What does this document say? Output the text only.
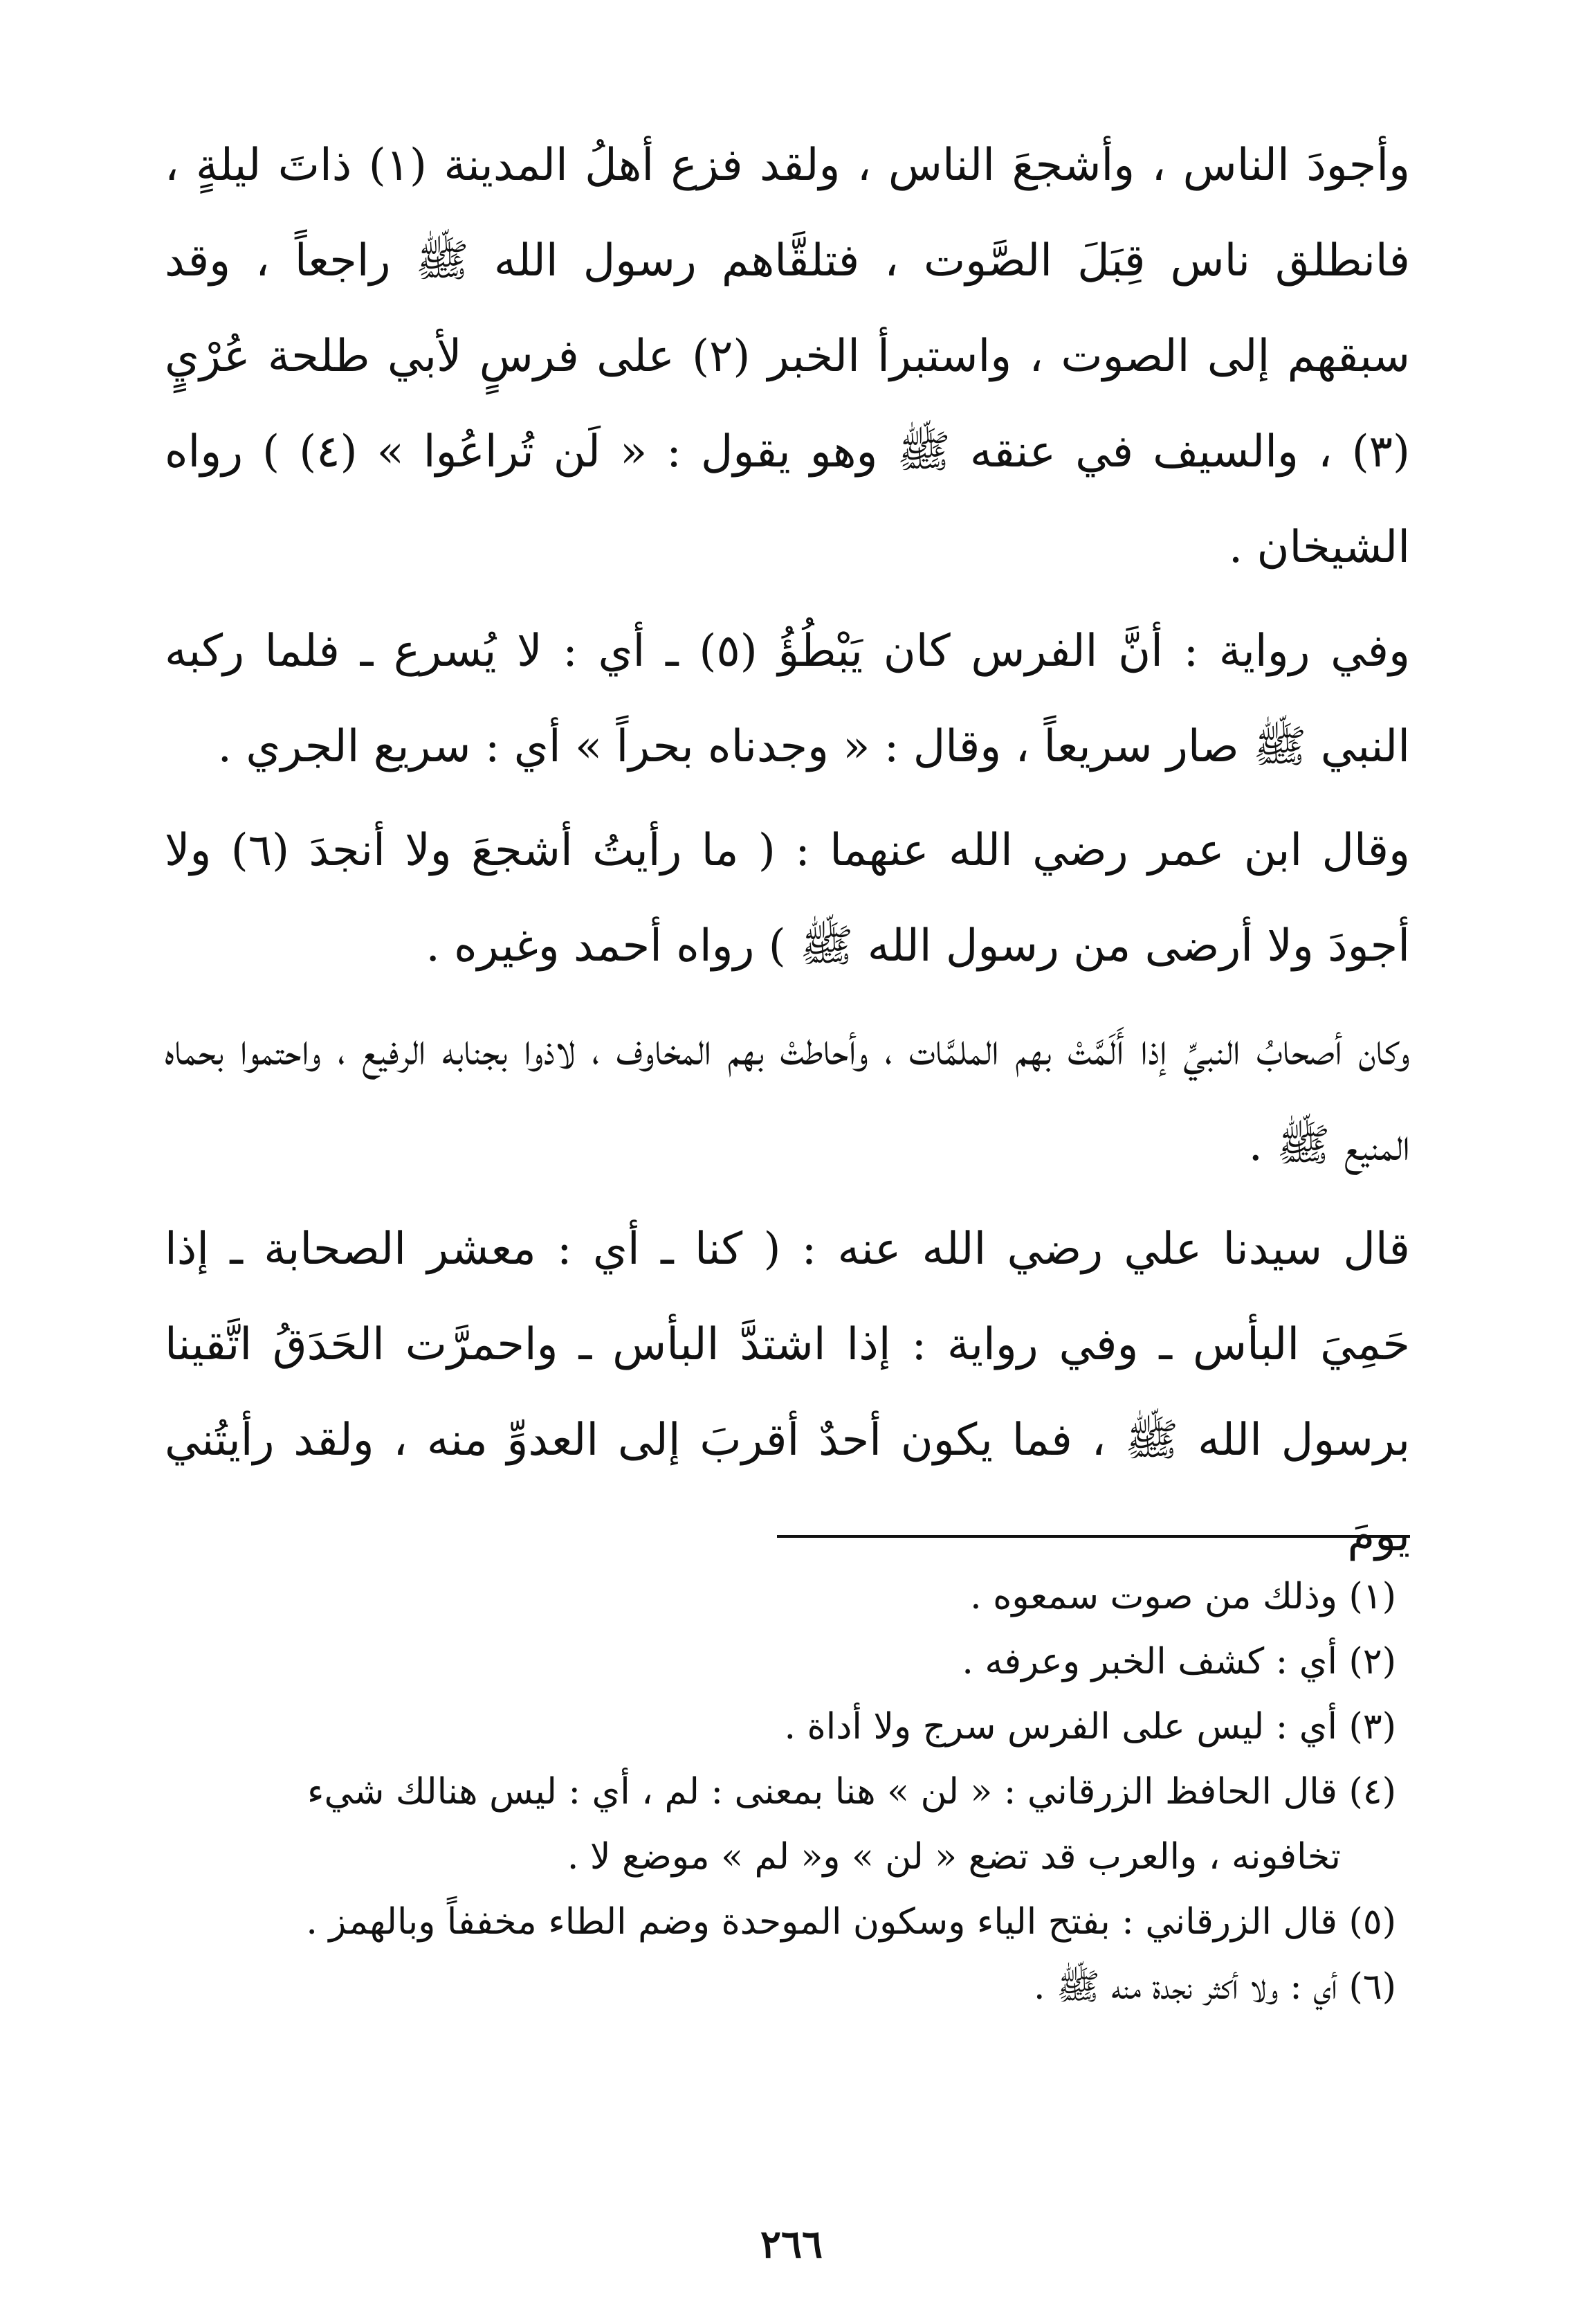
وأجودَ الناس ، وأشجعَ الناس ، ولقد فزع أهلُ المدينة (١) ذاتَ ليلةٍ ، فانطلق ناس قِبَلَ الصَّوت ، فتلقَّاهم رسول الله ﷺ راجعاً ، وقد سبقهم إلى الصوت ، واستبرأ الخبر (٢) على فرسٍ لأبي طلحة عُرْيٍ (٣) ، والسيف في عنقه ﷺ وهو يقول : « لَن تُراعُوا » (٤) ) رواه الشيخان .

وفي رواية : أنَّ الفرس كان يَبْطُؤُ (٥) ـ أي : لا يُسرع ـ فلما ركبه النبي ﷺ صار سريعاً ، وقال : « وجدناه بحراً » أي : سريع الجري .

وقال ابن عمر رضي الله عنهما : ( ما رأيتُ أشجعَ ولا أنجدَ (٦) ولا أجودَ ولا أرضى من رسول الله ﷺ ) رواه أحمد وغيره .

وكان أصحابُ النبيِّ إذا أَلَمَّتْ بهم الملمَّات ، وأحاطتْ بهم المخاوف ، لاذوا بجنابه الرفيع ، واحتموا بحماه المنيع ﷺ .

قال سيدنا علي رضي الله عنه : ( كنا ـ أي : معشر الصحابة ـ إذا حَمِيَ البأس ـ وفي رواية : إذا اشتدَّ البأس ـ واحمرَّت الحَدَقُ اتَّقينا برسول الله ﷺ ، فما يكون أحدٌ أقربَ إلى العدوِّ منه ، ولقد رأيتُني يومَ

(١) وذلك من صوت سمعوه .

(٢) أي : كشف الخبر وعرفه .

(٣) أي : ليس على الفرس سرج ولا أداة .

(٤) قال الحافظ الزرقاني : « لن » هنا بمعنى : لم ، أي : ليس هنالك شيء

تخافونه ، والعرب قد تضع « لن » و« لم » موضع لا .

(٥) قال الزرقاني : بفتح الياء وسكون الموحدة وضم الطاء مخففاً وبالهمز .

(٦) أي : ولا أكثر نجدة منه ﷺ .

٢٦٦
